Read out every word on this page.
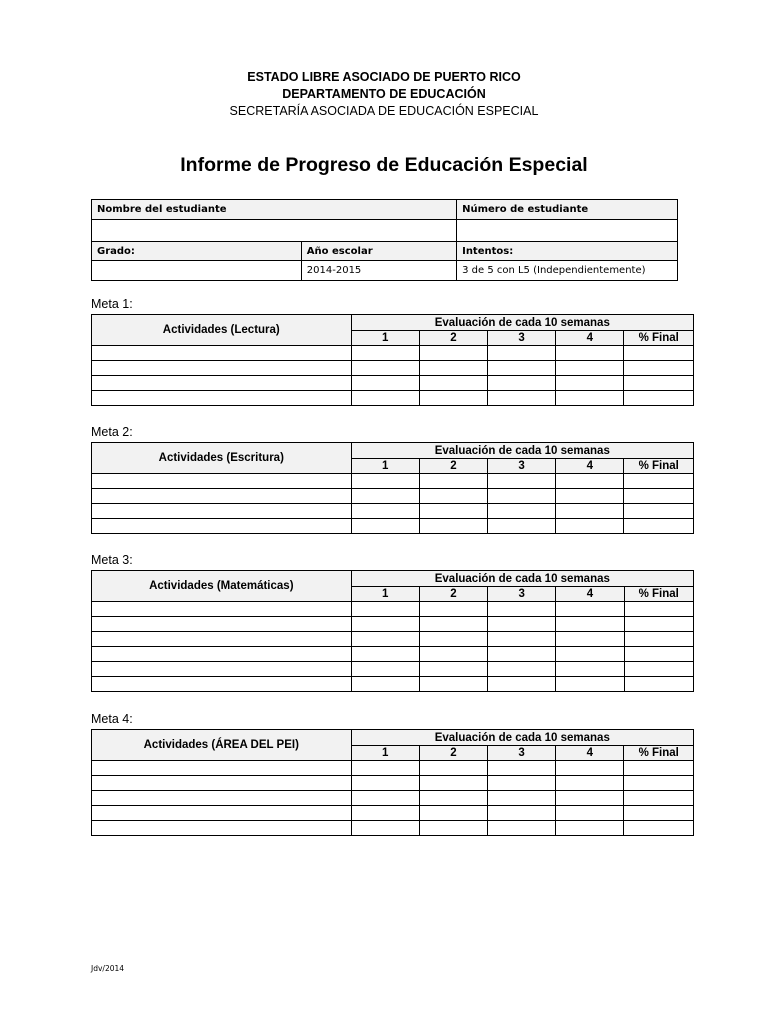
ESTADO LIBRE ASOCIADO DE PUERTO RICO
DEPARTAMENTO DE EDUCACIÓN
SECRETARÍA ASOCIADA DE EDUCACIÓN ESPECIAL
Informe de Progreso de Educación Especial
Nombre del estudiante		Número de estudiante

Grado:	Año escolar	Intentos:
	2014-2015	3 de 5 con L5 (Independientemente)
Meta 1:
Actividades (Lectura)	Evaluación de cada 10 semanas				
	1	2	3	4	% Final

Meta 2:
Actividades (Escritura)	Evaluación de cada 10 semanas				
	1	2	3	4	% Final

Meta 3:
Actividades (Matemáticas)	Evaluación de cada 10 semanas				
	1	2	3	4	% Final

Meta 4:
Actividades (ÁREA DEL PEI)	Evaluación de cada 10 semanas				
	1	2	3	4	% Final

Jdv/2014
